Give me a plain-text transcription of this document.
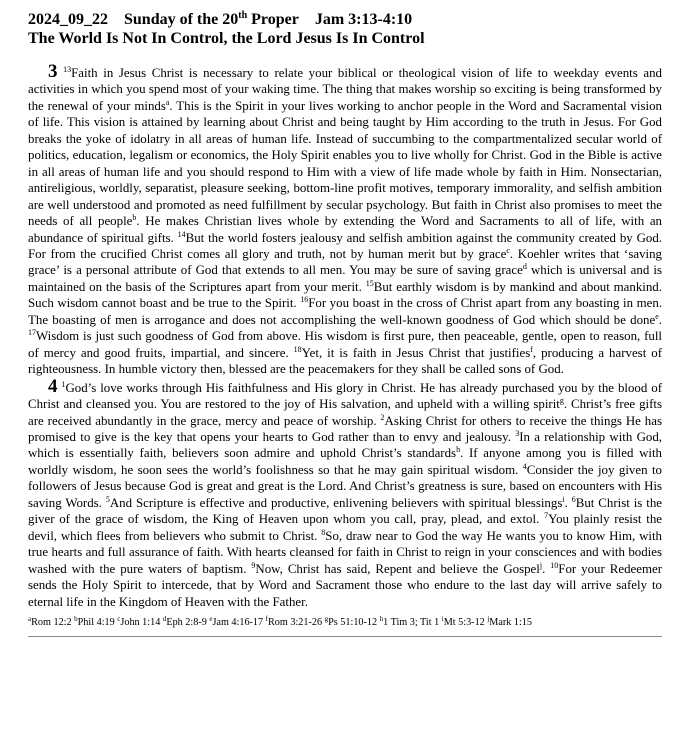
2024_09_22 Sunday of the 20th Proper Jam 3:13-4:10
The World Is Not In Control, the Lord Jesus Is In Control

3 $^{13}$Faith in Jesus Christ is necessary to relate your biblical or theological vision of life to weekday events and activities in which you spend most of your waking time. The thing that makes worship so exciting is being transformed by the renewal of your minds$^a$. This is the Spirit in your lives working to anchor people in the Word and Sacramental vision of life. This vision is attained by learning about Christ and being taught by Him according to the truth in Jesus. For God breaks the yoke of idolatry in all areas of human life. Instead of succumbing to the compartmentalized secular world of politics, education, legalism or economics, the Holy Spirit enables you to live wholly for Christ. God in the Bible is active in all areas of human life and you should respond to Him with a view of life made whole by faith in Him. Nonsectarian, antireligious, worldly, separatist, pleasure seeking, bottom-line profit motives, temporary immorality, and selfish ambition are well understood and promoted as need fulfillment by secular psychology. But faith in Christ also promises to meet the needs of all people$^b$. He makes Christian lives whole by extending the Word and Sacraments to all of life, with an abundance of spiritual gifts. $^{14}$But the world fosters jealousy and selfish ambition against the community created by God. For from the crucified Christ comes all glory and truth, not by human merit but by grace$^c$. Koehler writes that ‘saving grace’ is a personal attribute of God that extends to all men. You may be sure of saving grace$^d$ which is universal and is maintained on the basis of the Scriptures apart from your merit. $^{15}$But earthly wisdom is by mankind and about mankind. Such wisdom cannot boast and be true to the Spirit. $^{16}$For you boast in the cross of Christ apart from any boasting in men. The boasting of men is arrogance and does not accomplishing the well-known goodness of God which should be done$^e$. $^{17}$Wisdom is just such goodness of God from above. His wisdom is first pure, then peaceable, gentle, open to reason, full of mercy and good fruits, impartial, and sincere. $^{18}$Yet, it is faith in Jesus Christ that justifies$^f$, producing a harvest of righteousness. In humble victory then, blessed are the peacemakers for they shall be called sons of God.

4 $^1$God’s love works through His faithfulness and His glory in Christ. He has already purchased you by the blood of Christ and cleansed you. You are restored to the joy of His salvation, and upheld with a willing spirit$^g$. Christ’s free gifts are received abundantly in the grace, mercy and peace of worship. $^2$Asking Christ for others to receive the things He has promised to give is the key that opens your hearts to God rather than to envy and jealousy. $^3$In a relationship with God, which is essentially faith, believers soon admire and uphold Christ’s standards$^h$. If anyone among you is filled with worldly wisdom, he soon sees the world’s foolishness so that he may gain spiritual wisdom. $^4$Consider the joy given to followers of Jesus because God is great and great is the Lord. And Christ’s greatness is sure, based on encounters with His saving Words. $^5$And Scripture is effective and productive, enlivening believers with spiritual blessings$^i$. $^6$But Christ is the giver of the grace of wisdom, the King of Heaven upon whom you call, pray, plead, and extol. $^7$You plainly resist the devil, which flees from believers who submit to Christ. $^8$So, draw near to God the way He wants you to know Him, with true hearts and full assurance of faith. With hearts cleansed for faith in Christ to reign in your consciences and with bodies washed with the pure waters of baptism. $^9$Now, Christ has said, Repent and believe the Gospel$^j$. $^{10}$For your Redeemer sends the Holy Spirit to intercede, that by Word and Sacrament those who endure to the last day will arrive safely to eternal life in the Kingdom of Heaven with the Father.

$^a$Rom 12:2 $^b$Phil 4:19 $^c$John 1:14 $^d$Eph 2:8-9 $^e$Jam 4:16-17 $^f$Rom 3:21-26 $^g$Ps 51:10-12 $^h$1 Tim 3; Tit 1 $^i$Mt 5:3-12 $^j$Mark 1:15
